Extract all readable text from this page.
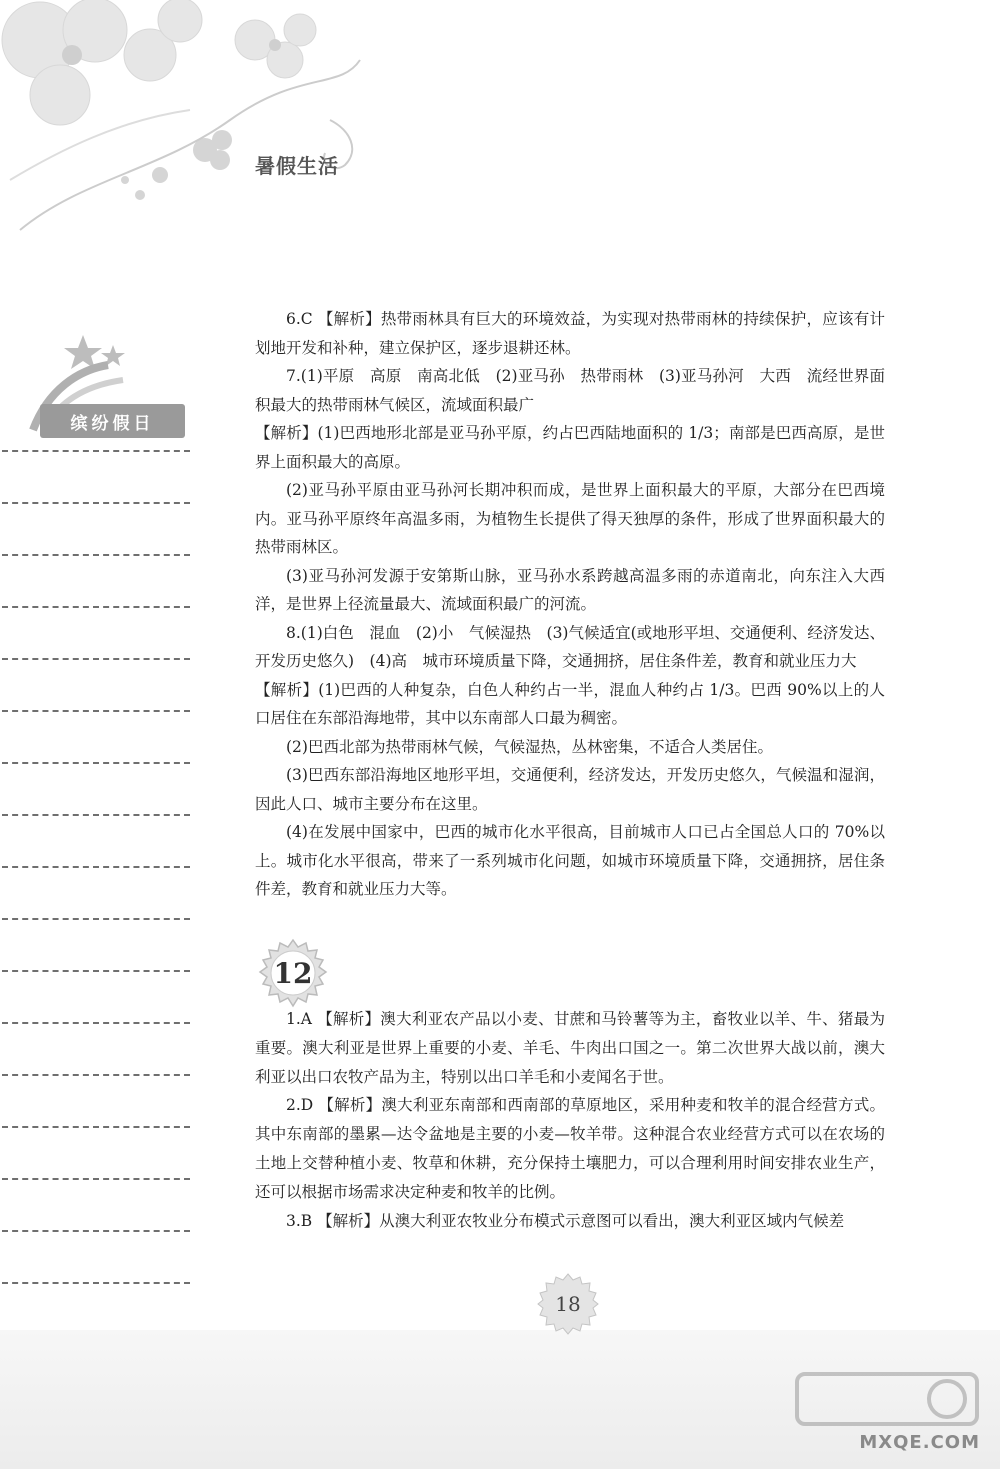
暑假生活
缤纷假日

6.C 【解析】热带雨林具有巨大的环境效益，为实现对热带雨林的持续保护，应该有计划地开发和补种，建立保护区，逐步退耕还林。

7.(1)平原　高原　南高北低　(2)亚马孙　热带雨林　(3)亚马孙河　大西　流经世界面积最大的热带雨林气候区，流域面积最广

【解析】(1)巴西地形北部是亚马孙平原，约占巴西陆地面积的 1/3；南部是巴西高原，是世界上面积最大的高原。

(2)亚马孙平原由亚马孙河长期冲积而成，是世界上面积最大的平原，大部分在巴西境内。亚马孙平原终年高温多雨，为植物生长提供了得天独厚的条件，形成了世界面积最大的热带雨林区。

(3)亚马孙河发源于安第斯山脉，亚马孙水系跨越高温多雨的赤道南北，向东注入大西洋，是世界上径流量最大、流域面积最广的河流。

8.(1)白色　混血　(2)小　气候湿热　(3)气候适宜(或地形平坦、交通便利、经济发达、开发历史悠久)　(4)高　城市环境质量下降，交通拥挤，居住条件差，教育和就业压力大

【解析】(1)巴西的人种复杂，白色人种约占一半，混血人种约占 1/3。巴西 90%以上的人口居住在东部沿海地带，其中以东南部人口最为稠密。

(2)巴西北部为热带雨林气候，气候湿热，丛林密集，不适合人类居住。

(3)巴西东部沿海地区地形平坦，交通便利，经济发达，开发历史悠久，气候温和湿润，因此人口、城市主要分布在这里。

(4)在发展中国家中，巴西的城市化水平很高，目前城市人口已占全国总人口的 70%以上。城市化水平很高，带来了一系列城市化问题，如城市环境质量下降，交通拥挤，居住条件差，教育和就业压力大等。

12

1.A 【解析】澳大利亚农产品以小麦、甘蔗和马铃薯等为主，畜牧业以羊、牛、猪最为重要。澳大利亚是世界上重要的小麦、羊毛、牛肉出口国之一。第二次世界大战以前，澳大利亚以出口农牧产品为主，特别以出口羊毛和小麦闻名于世。

2.D 【解析】澳大利亚东南部和西南部的草原地区，采用种麦和牧羊的混合经营方式。其中东南部的墨累—达令盆地是主要的小麦—牧羊带。这种混合农业经营方式可以在农场的土地上交替种植小麦、牧草和休耕，充分保持土壤肥力，可以合理利用时间安排农业生产，还可以根据市场需求决定种麦和牧羊的比例。

3.B 【解析】从澳大利亚农牧业分布模式示意图可以看出，澳大利亚区域内气候差

MXQE.COM
18
